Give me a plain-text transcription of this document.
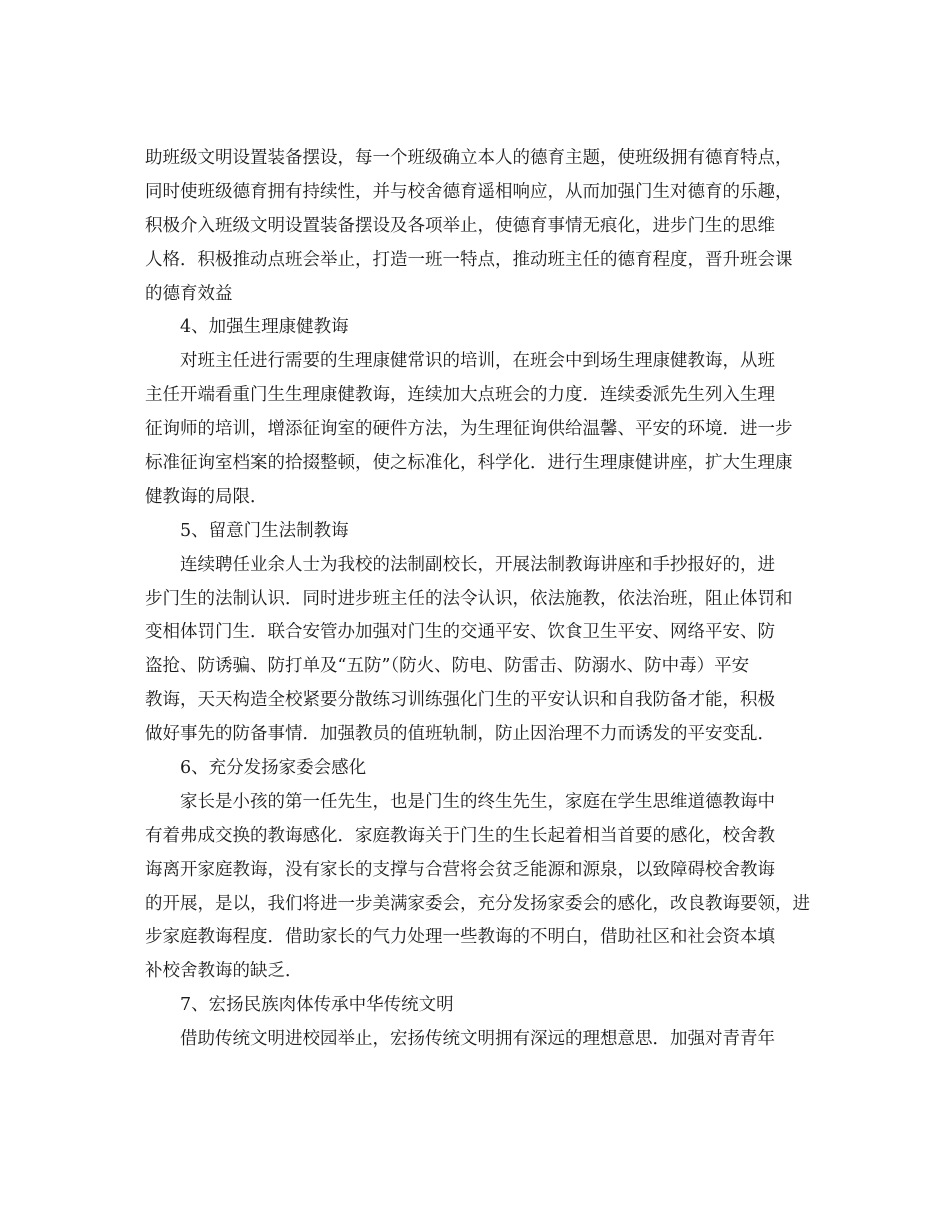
助班级文明设置装备摆设，每一个班级确立本人的德育主题，使班级拥有德育特点，
同时使班级德育拥有持续性，并与校舍德育遥相响应，从而加强门生对德育的乐趣，
积极介入班级文明设置装备摆设及各项举止，使德育事情无痕化，进步门生的思维
人格．积极推动点班会举止，打造一班一特点，推动班主任的德育程度，晋升班会课
的德育效益
4、加强生理康健教诲
对班主任进行需要的生理康健常识的培训，在班会中到场生理康健教诲，从班
主任开端看重门生生理康健教诲，连续加大点班会的力度．连续委派先生列入生理
征询师的培训，增添征询室的硬件方法，为生理征询供给温馨、平安的环境．进一步
标准征询室档案的拾掇整顿，使之标准化，科学化．进行生理康健讲座，扩大生理康
健教诲的局限．
5、留意门生法制教诲
连续聘任业余人士为我校的法制副校长，开展法制教诲讲座和手抄报好的，进
步门生的法制认识．同时进步班主任的法令认识，依法施教，依法治班，阻止体罚和
变相体罚门生．联合安管办加强对门生的交通平安、饮食卫生平安、网络平安、防
盗抢、防诱骗、防打单及“五防”（防火、防电、防雷击、防溺水、防中毒）平安
教诲，天天构造全校紧要分散练习训练强化门生的平安认识和自我防备才能，积极
做好事先的防备事情．加强教员的值班轨制，防止因治理不力而诱发的平安变乱．
6、充分发扬家委会感化
家长是小孩的第一任先生，也是门生的终生先生，家庭在学生思维道德教诲中
有着弗成交换的教诲感化．家庭教诲关于门生的生长起着相当首要的感化，校舍教
诲离开家庭教诲，没有家长的支撑与合营将会贫乏能源和源泉，以致障碍校舍教诲
的开展，是以，我们将进一步美满家委会，充分发扬家委会的感化，改良教诲要领，进
步家庭教诲程度．借助家长的气力处理一些教诲的不明白，借助社区和社会资本填
补校舍教诲的缺乏．
7、宏扬民族肉体传承中华传统文明
借助传统文明进校园举止，宏扬传统文明拥有深远的理想意思．加强对青青年
